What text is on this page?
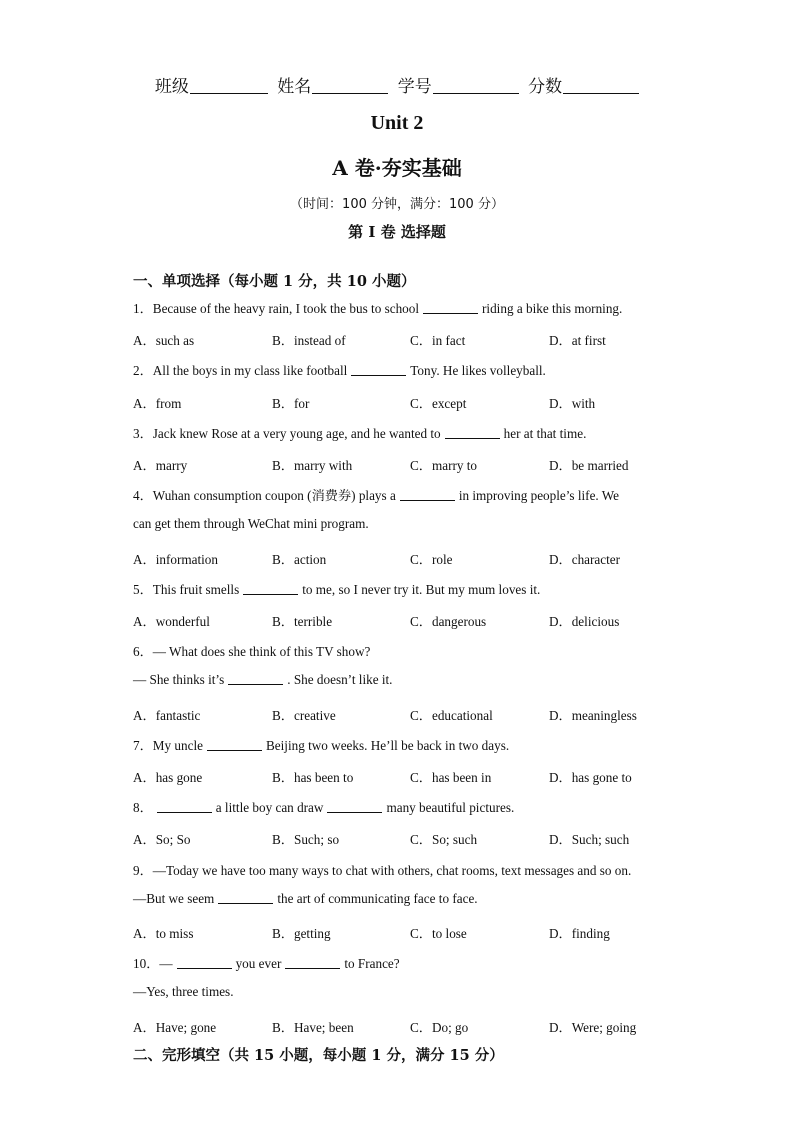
班级	姓名	学号	分数
Unit 2
A 卷·夯实基础
（时间：100 分钟，满分：100 分）
第 I 卷 选择题
一、单项选择（每小题 1 分，共 10 小题）
1．Because of the heavy rain, I took the bus to school	riding a bike this morning.
A．such as	B．instead of	C．in fact	D．at first
2．All the boys in my class like football	Tony. He likes volleyball.
A．from	B．for	C．except	D．with
3．Jack knew Rose at a very young age, and he wanted to	her at that time.
A．marry	B．marry with	C．marry to	D．be married
4．Wuhan consumption coupon (消费券) plays a	in improving people’s life. We
can get them through WeChat mini program.
A．information	B．action	C．role	D．character
5．This fruit smells	to me, so I never try it. But my mum loves it.
A．wonderful	B．terrible	C．dangerous	D．delicious
6．— What does she think of this TV show?
— She thinks it’s	. She doesn’t like it.
A．fantastic	B．creative	C．educational	D．meaningless
7．My uncle	Beijing two weeks. He’ll be back in two days.
A．has gone	B．has been to	C．has been in	D．has gone to
8．	a little boy can draw	many beautiful pictures.
A．So; So	B．Such; so	C．So; such	D．Such; such
9．—Today we have too many ways to chat with others, chat rooms, text messages and so on.
—But we seem	the art of communicating face to face.
A．to miss	B．getting	C．to lose	D．finding
10．—	you ever	to France?
—Yes, three times.
A．Have; gone	B．Have; been	C．Do; go	D．Were; going
二、完形填空（共 15 小题，每小题 1 分，满分 15 分）
